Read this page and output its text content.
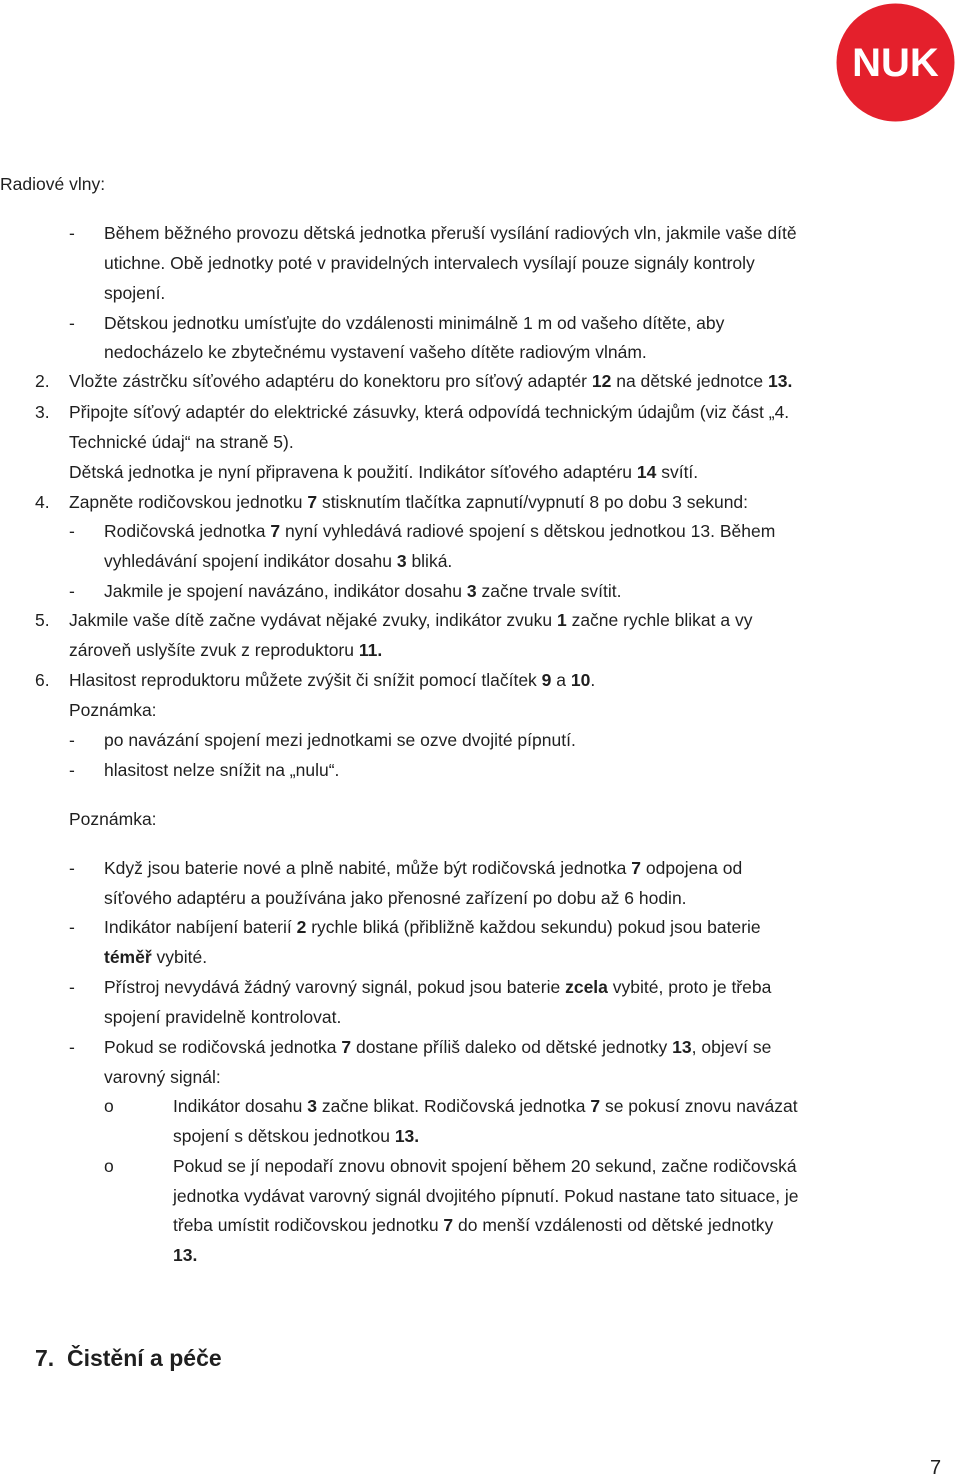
NUK
Radiové vlny:
- Během běžného provozu dětská jednotka přeruší vysílání radiových vln, jakmile vaše dítě
utichne. Obě jednotky poté v pravidelných intervalech vysílají pouze signály kontroly
spojení.
- Dětskou jednotku umísťujte do vzdálenosti minimálně 1 m od vašeho dítěte, aby
nedocházelo ke zbytečnému vystavení vašeho dítěte radiovým vlnám.
2. Vložte zástrčku síťového adaptéru do konektoru pro síťový adaptér 12 na dětské jednotce 13.
3. Připojte síťový adaptér do elektrické zásuvky, která odpovídá technickým údajům (viz část „4.
Technické údaj“ na straně 5).
Dětská jednotka je nyní připravena k použití. Indikátor síťového adaptéru 14 svítí.
4. Zapněte rodičovskou jednotku 7 stisknutím tlačítka zapnutí/vypnutí 8 po dobu 3 sekund:
- Rodičovská jednotka 7 nyní vyhledává radiové spojení s dětskou jednotkou 13. Během
vyhledávání spojení indikátor dosahu 3 bliká.
- Jakmile je spojení navázáno, indikátor dosahu 3 začne trvale svítit.
5. Jakmile vaše dítě začne vydávat nějaké zvuky, indikátor zvuku 1 začne rychle blikat a vy
zároveň uslyšíte zvuk z reproduktoru 11.
6. Hlasitost reproduktoru můžete zvýšit či snížit pomocí tlačítek 9 a 10.
Poznámka:
- po navázání spojení mezi jednotkami se ozve dvojité pípnutí.
- hlasitost nelze snížit na „nulu“.
Poznámka:
- Když jsou baterie nové a plně nabité, může být rodičovská jednotka 7 odpojena od
síťového adaptéru a používána jako přenosné zařízení po dobu až 6 hodin.
- Indikátor nabíjení baterií 2 rychle bliká (přibližně každou sekundu) pokud jsou baterie
téměř vybité.
- Přístroj nevydává žádný varovný signál, pokud jsou baterie zcela vybité, proto je třeba
spojení pravidelně kontrolovat.
- Pokud se rodičovská jednotka 7 dostane příliš daleko od dětské jednotky 13, objeví se
varovný signál:
o	Indikátor dosahu 3 začne blikat. Rodičovská jednotka 7 se pokusí znovu navázat
spojení s dětskou jednotkou 13.
o	Pokud se jí nepodaří znovu obnovit spojení během 20 sekund, začne rodičovská
jednotka vydávat varovný signál dvojitého pípnutí. Pokud nastane tato situace, je
třeba umístit rodičovskou jednotku 7 do menší vzdálenosti od dětské jednotky
13.
7. Čistění a péče
7
